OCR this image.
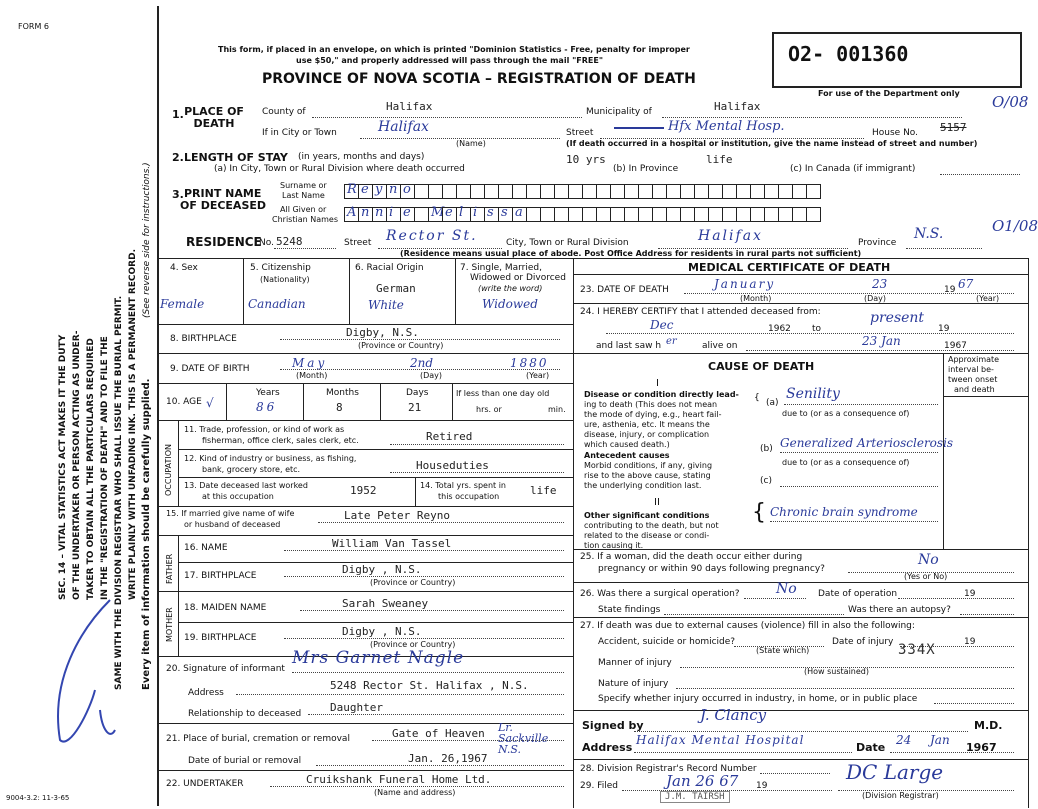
FORM 6
9004-3.2: 11-3-65
SEC. 14 – VITAL STATISTICS ACT MAKES IT THE DUTY OF THE UNDERTAKER OR PERSON ACTING AS UNDER- TAKER TO OBTAIN ALL THE PARTICULARS REQUIRED IN THE "REGISTRATION OF DEATH" AND TO FILE THE SAME WITH THE DIVISION REGISTRAR WHO SHALL ISSUE THE BURIAL PERMIT. WRITE PLAINLY WITH UNFADING INK. THIS IS A PERMANENT RECORD. Every item of information should be carefully supplied.
(See reverse side for instructions.)
This form, if placed in an envelope, on which is printed "Dominion Statistics - Free, penalty for improper
use $50," and properly addressed will pass through the mail "FREE"
PROVINCE OF NOVA SCOTIA – REGISTRATION OF DEATH
O2- 001360
For use of the Department only O/08
O1/08
1. PLACE OF DEATH
County of	Halifax	Municipality of	Halifax
If in City or Town	Halifax
(Name)
Street	Hfx Mental Hosp.	House No. 5157
(If death occurred in a hospital or institution, give the name instead of street and number)
2. LENGTH OF STAY (in years, months and days)
(a) In City, Town or Rural Division where death occurred
10 yrs
(b) In Province
life
(c) In Canada (if immigrant)
3. PRINT NAME
OF DECEASED
Surname or
Last Name
All Given or
Christian Names
R e y n o
A n n i e M e l i s s a
RESIDENCE
No. 5248	Street Rector St.	City, Town or Rural Division	Halifax	Province
N.S.
(Residence means usual place of abode. Post Office Address for residents in rural parts not sufficient)
4. Sex
Female
5. Citizenship
(Nationality)
Canadian
6. Racial Origin
German
White
7. Single, Married,
Widowed or Divorced
(write the word)
Widowed
8. BIRTHPLACE	Digby, N.S.
(Province or Country)
9. DATE OF BIRTH	May	2nd	1880
(Month)	(Day)	(Year)
10. AGE √
Years	Months	Days
86	8	21
If less than one day old
hrs. or	min.
OCCUPATION
11. Trade, profession, or kind of work as
fisherman, office clerk, sales clerk, etc.	Retired
12. Kind of industry or business, as fishing,
bank, grocery store, etc.	Houseduties
13. Date deceased last worked
at this occupation	1952	14. Total yrs. spent in
this occupation	life
15. If married give name of wife
or husband of deceased
Late Peter Reyno
FATHER
16. NAME	William Van Tassel
17. BIRTHPLACE	Digby , N.S.
(Province or Country)
MOTHER 18. MAIDEN NAME	Sarah Sweaney
19. BIRTHPLACE	Digby , N.S.
(Province or Country)
20. Signature of informant
Mrs Garnet Nagle
Address
5248 Rector St. Halifax , N.S.
Relationship to deceased	Daughter
21. Place of burial, cremation or removal	Gate of Heaven Lr. Sackville N.S.
Date of burial or removal	Jan. 26,1967
22. UNDERTAKER	Cruikshank Funeral Home Ltd.
(Name and address)
MEDICAL CERTIFICATE OF DEATH
23. DATE OF DEATH	January	23	19 67
(Month)	(Day)	(Year)
24. I HEREBY CERTIFY that I attended deceased from:
Dec	1962 to
present
19
and last saw h er	alive on	23 Jan	1967
CAUSE OF DEATH
Approximate
interval be-
tween onset
and death
I
Disease or condition directly lead-
ing to death (This does not mean
the mode of dying, e.g., heart fail-
ure, asthenia, etc. It means the
disease, injury, or complication
which caused death.)
{ (a)
Senility
due to (or as a consequence of)
Antecedent causes
Morbid conditions, if any, giving
rise to the above cause, stating
the underlying condition last.
(b) Generalized Arteriosclerosis
due to (or as a consequence of)
(c)
II
Other significant conditions
contributing to the death, but not
related to the disease or condi-
tion causing it.
{ Chronic brain syndrome
25. If a woman, did the death occur either during
pregnancy or within 90 days following pregnancy?
No
(Yes or No)
26. Was there a surgical operation?	No Date of operation	19
State findings	Was there an autopsy?
27. If death was due to external causes (violence) fill in also the following:
Accident, suicide or homicide?
(State which)
Date of injury	19
Manner of injury
(How sustained)
334X
Nature of injury
Specify whether injury occurred in industry, in home, or in public place
Signed by
J. Clancy
M.D.
Address
Halifax Mental Hospital
Date
24 Jan
1967
28. Division Registrar's Record Number
29. Filed	Jan 26 67 19
J.M. TAIRSH
DC Large
(Division Registrar)
